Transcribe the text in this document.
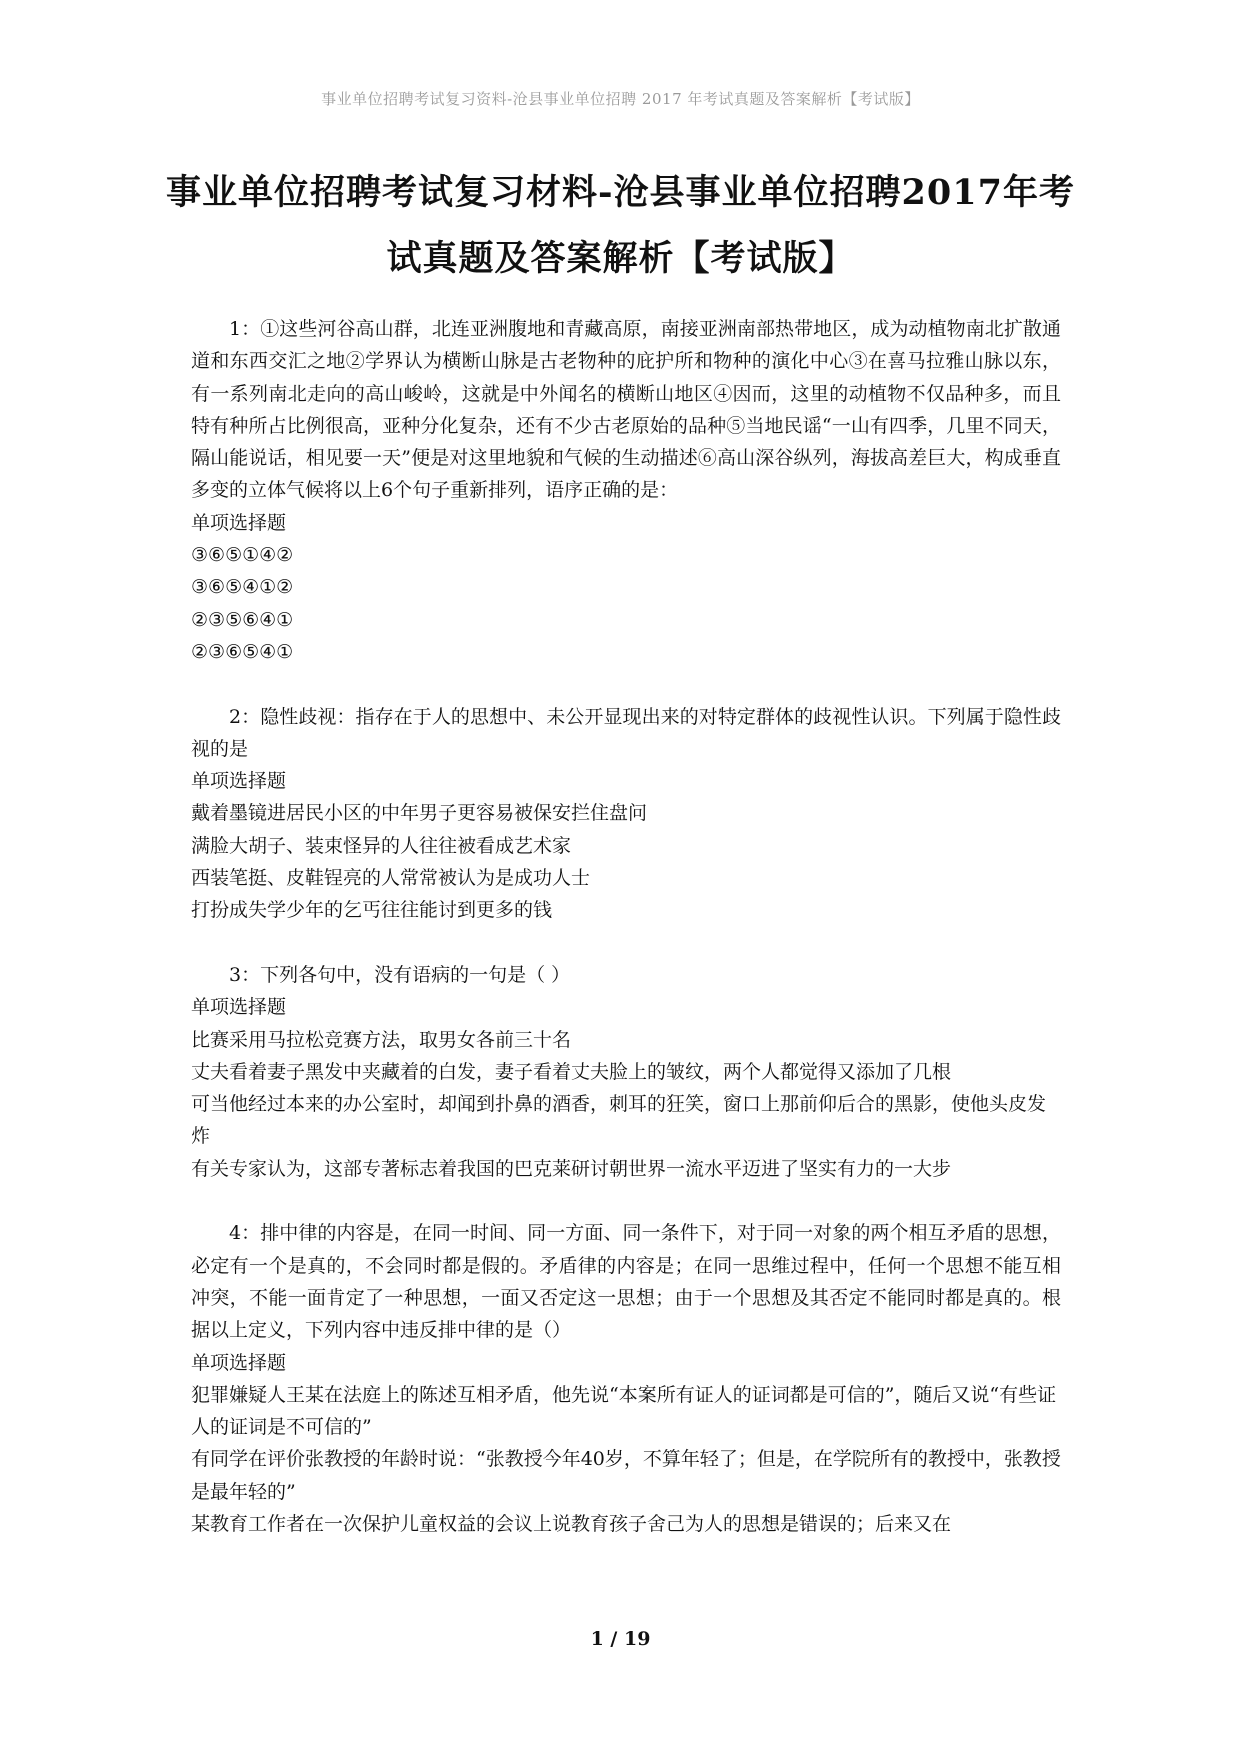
事业单位招聘考试复习资料-沧县事业单位招聘 2017 年考试真题及答案解析【考试版】
事业单位招聘考试复习材料-沧县事业单位招聘2017年考
试真题及答案解析【考试版】

1：①这些河谷高山群，北连亚洲腹地和青藏高原，南接亚洲南部热带地区，成为动植物南北扩散通道和东西交汇之地②学界认为横断山脉是古老物种的庇护所和物种的演化中心③在喜马拉雅山脉以东，有一系列南北走向的高山峻岭，这就是中外闻名的横断山地区④因而，这里的动植物不仅品种多，而且特有种所占比例很高，亚种分化复杂，还有不少古老原始的品种⑤当地民谣“一山有四季，几里不同天，隔山能说话，相见要一天”便是对这里地貌和气候的生动描述⑥高山深谷纵列，海拔高差巨大，构成垂直多变的立体气候将以上6个句子重新排列，语序正确的是：

单项选择题

③⑥⑤①④②

③⑥⑤④①②

②③⑤⑥④①

②③⑥⑤④①

2：隐性歧视：指存在于人的思想中、未公开显现出来的对特定群体的歧视性认识。下列属于隐性歧视的是

单项选择题

戴着墨镜进居民小区的中年男子更容易被保安拦住盘问

满脸大胡子、装束怪异的人往往被看成艺术家

西装笔挺、皮鞋锃亮的人常常被认为是成功人士

打扮成失学少年的乞丐往往能讨到更多的钱

3：下列各句中，没有语病的一句是（ ）

单项选择题

比赛采用马拉松竞赛方法，取男女各前三十名

丈夫看着妻子黑发中夹藏着的白发，妻子看着丈夫脸上的皱纹，两个人都觉得又添加了几根

可当他经过本来的办公室时，却闻到扑鼻的酒香，刺耳的狂笑，窗口上那前仰后合的黑影，使他头皮发炸

有关专家认为，这部专著标志着我国的巴克莱研讨朝世界一流水平迈进了坚实有力的一大步

4：排中律的内容是，在同一时间、同一方面、同一条件下，对于同一对象的两个相互矛盾的思想，必定有一个是真的，不会同时都是假的。矛盾律的内容是；在同一思维过程中，任何一个思想不能互相冲突，不能一面肯定了一种思想，一面又否定这一思想；由于一个思想及其否定不能同时都是真的。根据以上定义，下列内容中违反排中律的是（）

单项选择题

犯罪嫌疑人王某在法庭上的陈述互相矛盾，他先说“本案所有证人的证词都是可信的”，随后又说“有些证人的证词是不可信的”

有同学在评价张教授的年龄时说：“张教授今年40岁，不算年轻了；但是，在学院所有的教授中，张教授是最年轻的”

某教育工作者在一次保护儿童权益的会议上说教育孩子舍己为人的思想是错误的；后来又在

1 / 19
